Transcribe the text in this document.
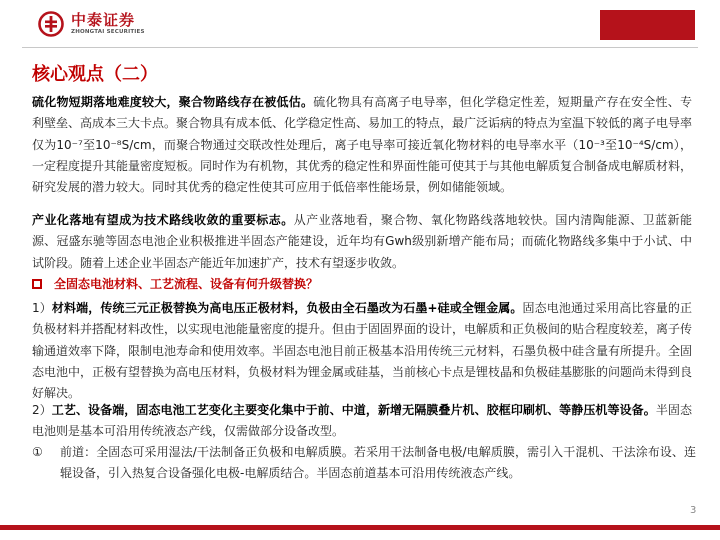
中泰证券
ZHONGTAI SECURITIES
核心观点（二）
硫化物短期落地难度较大，聚合物路线存在被低估。硫化物具有高离子电导率，但化学稳定性差，短期量产存在安全性、专利壁垒、高成本三大卡点。聚合物具有成本低、化学稳定性高、易加工的特点，最广泛诟病的特点为室温下较低的离子电导率仅为10⁻⁷至10⁻⁸S/cm，而聚合物通过交联改性处理后，离子电导率可接近氧化物材料的电导率水平（10⁻³至10⁻⁴S/cm），一定程度提升其能量密度短板。同时作为有机物，其优秀的稳定性和界面性能可使其于与其他电解质复合制备成电解质材料，研究发展的潜力较大。同时其优秀的稳定性使其可应用于低倍率性能场景，例如储能领域。
产业化落地有望成为技术路线收敛的重要标志。从产业落地看，聚合物、氧化物路线落地较快。国内清陶能源、卫蓝新能源、冠盛东驰等固态电池企业积极推进半固态产能建设，近年均有Gwh级别新增产能布局；而硫化物路线多集中于小试、中试阶段。随着上述企业半固态产能近年加速扩产，技术有望逐步收敛。
全固态电池材料、工艺流程、设备有何升级替换？
1）材料端，传统三元正极替换为高电压正极材料，负极由全石墨改为石墨+硅或全锂金属。固态电池通过采用高比容量的正负极材料并搭配材料改性，以实现电池能量密度的提升。但由于固固界面的设计，电解质和正负极间的贴合程度较差，离子传输通道效率下降，限制电池寿命和使用效率。半固态电池目前正极基本沿用传统三元材料，石墨负极中硅含量有所提升。全固态电池中，正极有望替换为高电压材料，负极材料为锂金属或硅基，当前核心卡点是锂枝晶和负极硅基膨胀的问题尚未得到良好解决。
2）工艺、设备端，固态电池工艺变化主要变化集中于前、中道，新增无隔膜叠片机、胶框印刷机、等静压机等设备。半固态电池则是基本可沿用传统液态产线，仅需做部分设备改型。
①	前道：全固态可采用湿法/干法制备正负极和电解质膜。若采用干法制备电极/电解质膜，需引入干混机、干法涂布设、连辊设备，引入热复合设备强化电极-电解质结合。半固态前道基本可沿用传统液态产线。
3
